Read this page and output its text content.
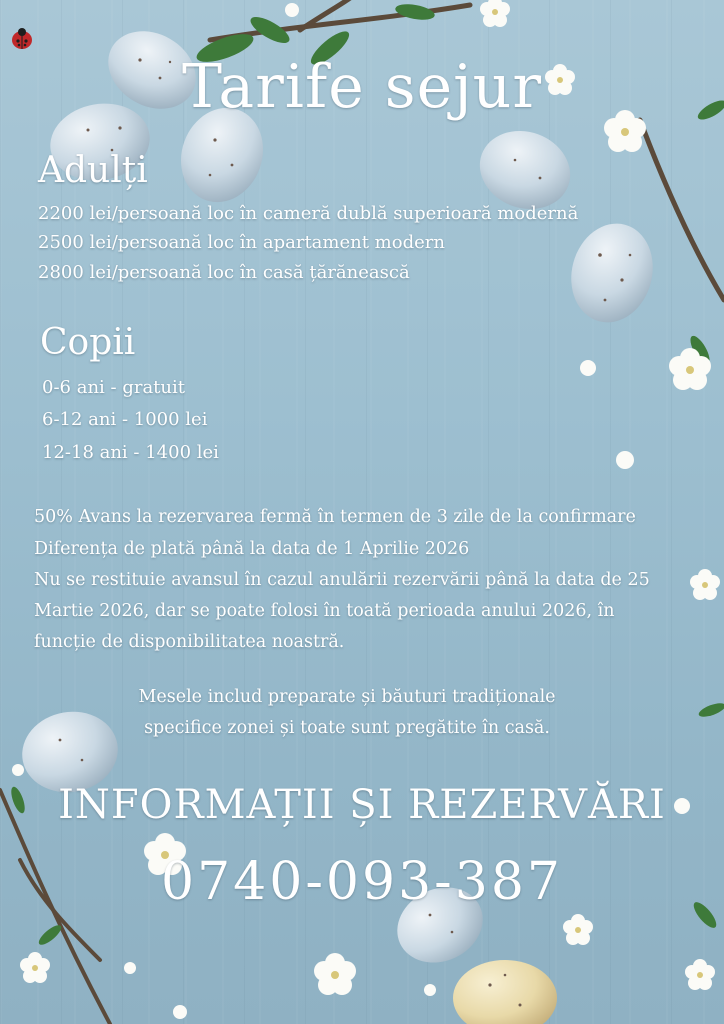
Tarife sejur
Adulți
2200 lei/persoană loc în cameră dublă superioară modernă
2500 lei/persoană loc în apartament modern
2800 lei/persoană loc în casă țărănească
Copii
0-6 ani - gratuit
6-12 ani - 1000 lei
12-18 ani - 1400 lei
50% Avans la rezervarea fermă în termen de 3 zile de la confirmare
Diferența de plată până la data de 1 Aprilie 2026
Nu se restituie avansul în cazul anulării rezervării până la data de 25
Martie 2026, dar se poate folosi în toată perioada anului 2026, în
funcție de disponibilitatea noastră.
Mesele includ preparate și băuturi tradiționale
specifice zonei și toate sunt pregătite în casă.
INFORMAȚII ȘI REZERVĂRI
0740-093-387
